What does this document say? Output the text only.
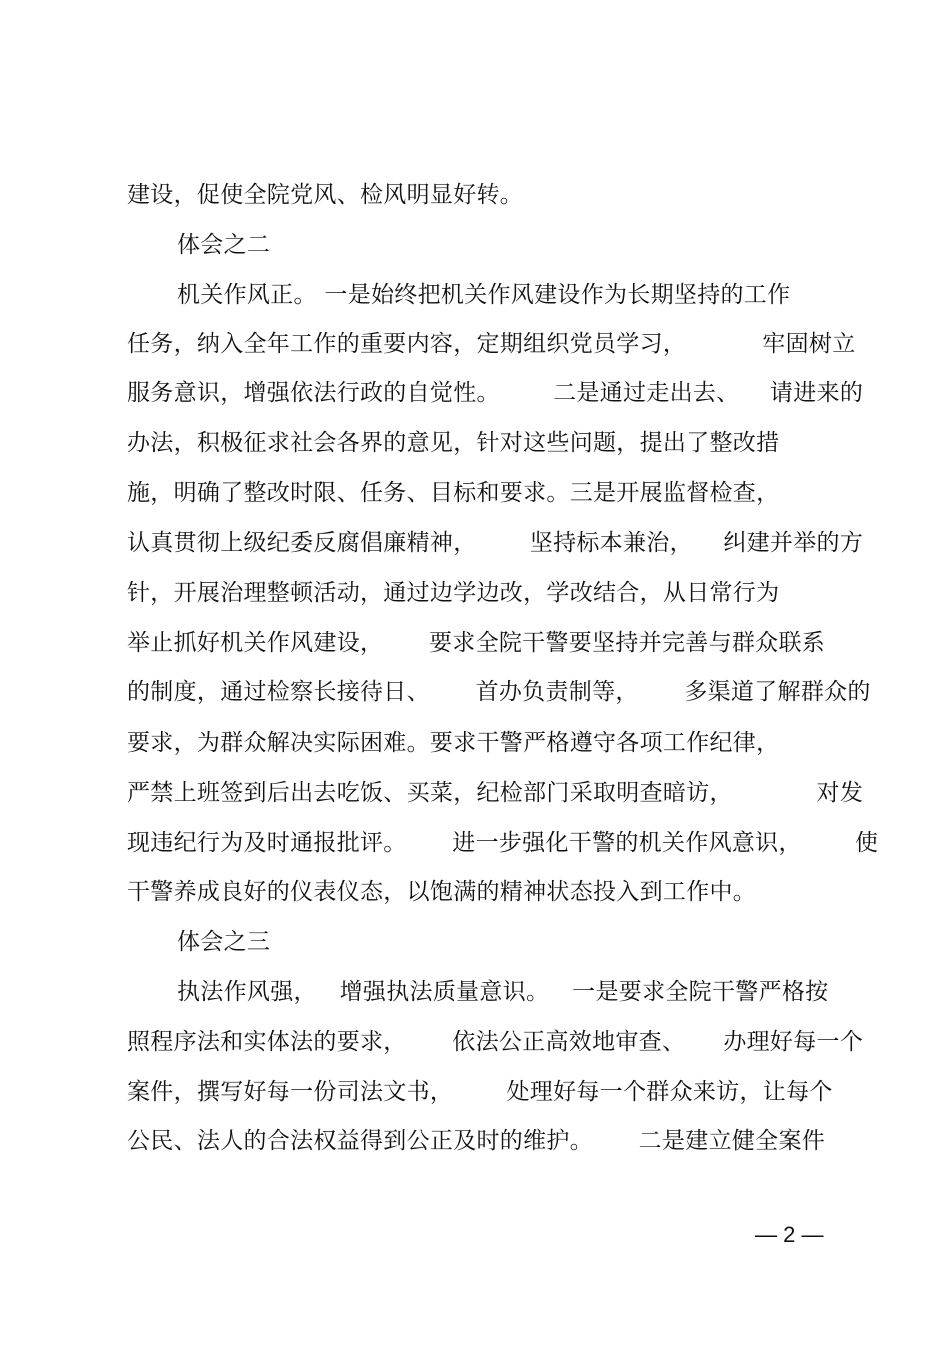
建设，促使全院党风、检风明显好转。
体会之二
机关作风正。 一是始终把机关作风建设作为长期坚持的工作
任务，纳入全年工作的重要内容，定期组织党员学习，          牢固树立
服务意识，增强依法行政的自觉性。       二是通过走出去、    请进来的
办法，积极征求社会各界的意见，针对这些问题，提出了整改措
施，明确了整改时限、任务、目标和要求。三是开展监督检查，
认真贯彻上级纪委反腐倡廉精神，       坚持标本兼治，    纠建并举的方
针，开展治理整顿活动，通过边学边改，学改结合，从日常行为
举止抓好机关作风建设，      要求全院干警要坚持并完善与群众联系
的制度，通过检察长接待日、      首办负责制等，      多渠道了解群众的
要求，为群众解决实际困难。要求干警严格遵守各项工作纪律，
严禁上班签到后出去吃饭、买菜，纪检部门采取明查暗访，           对发
现违纪行为及时通报批评。      进一步强化干警的机关作风意识，       使
干警养成良好的仪表仪态，以饱满的精神状态投入到工作中。
体会之三
执法作风强，   增强执法质量意识。   一是要求全院干警严格按
照程序法和实体法的要求，      依法公正高效地审查、     办理好每一个
案件，撰写好每一份司法文书，       处理好每一个群众来访，让每个
公民、法人的合法权益得到公正及时的维护。      二是建立健全案件
— 2 —
